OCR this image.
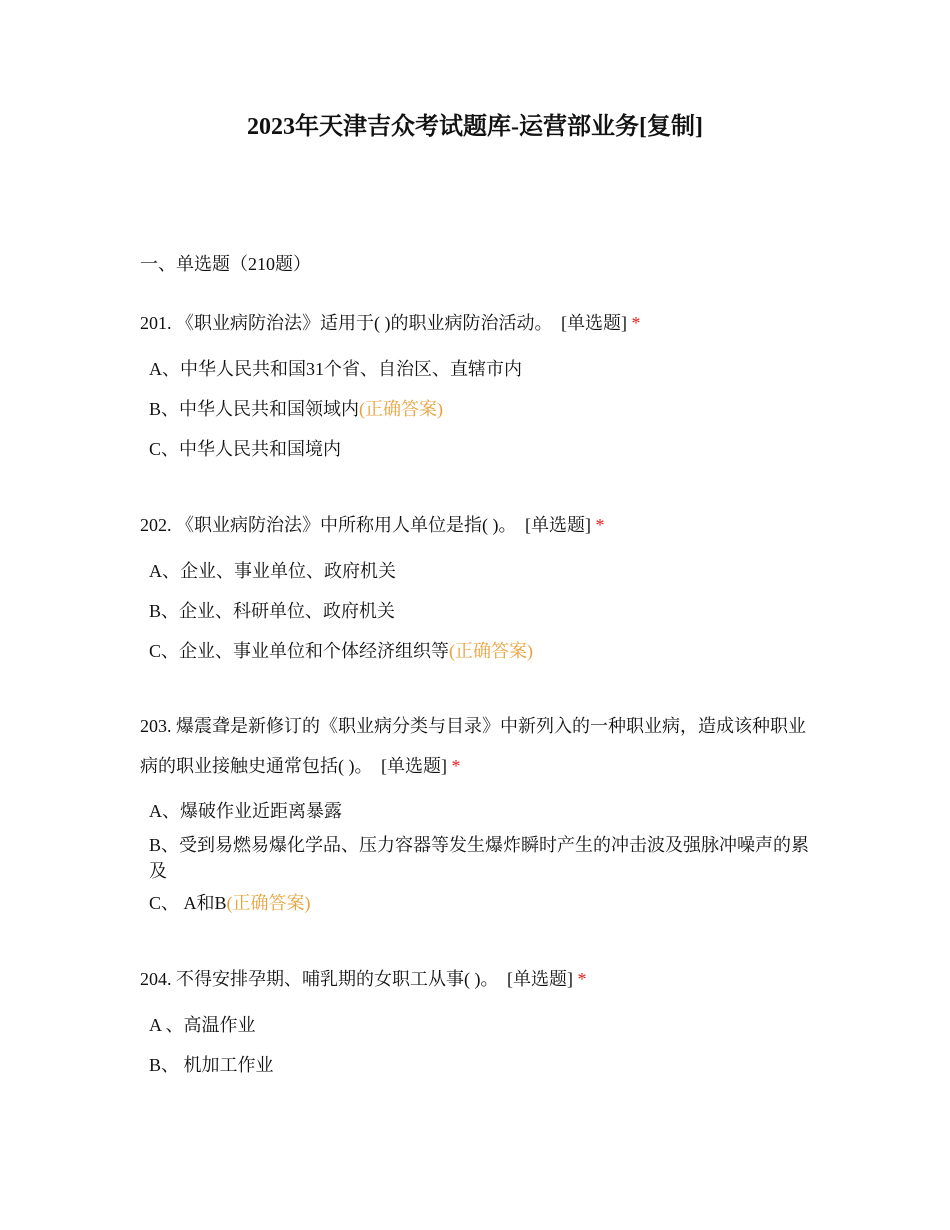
2023年天津吉众考试题库-运营部业务[复制]
一、单选题（210题）
201. 《职业病防治法》适用于( )的职业病防治活动。 [单选题] *
A、中华人民共和国31个省、自治区、直辖市内
B、中华人民共和国领域内(正确答案)
C、中华人民共和国境内
202. 《职业病防治法》中所称用人单位是指( )。 [单选题] *
A、企业、事业单位、政府机关
B、企业、科研单位、政府机关
C、企业、事业单位和个体经济组织等(正确答案)
203. 爆震聋是新修订的《职业病分类与目录》中新列入的一种职业病，造成该种职业病的职业接触史通常包括( )。 [单选题] *
A、爆破作业近距离暴露
B、受到易燃易爆化学品、压力容器等发生爆炸瞬时产生的冲击波及强脉冲噪声的累及
C、 A和B(正确答案)
204. 不得安排孕期、哺乳期的女职工从事( )。 [单选题] *
A 、高温作业
B、 机加工作业
